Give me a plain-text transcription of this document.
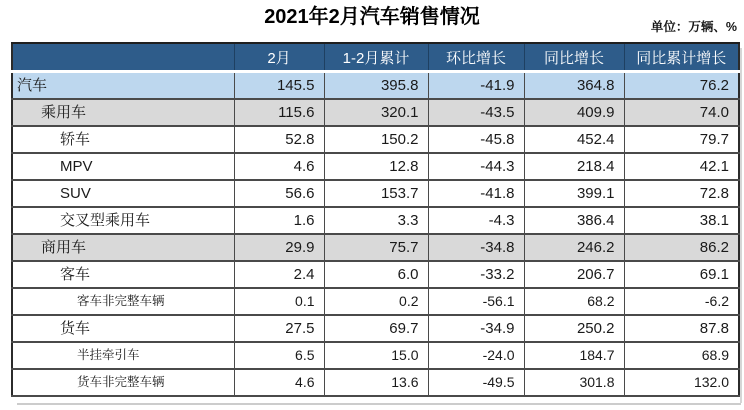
2021年2月汽车销售情况	单位：万辆、%
	2月	1-2月累计	环比增长	同比增长	同比累计增长
汽车	145.5	395.8	-41.9	364.8	76.2
乘用车	115.6	320.1	-43.5	409.9	74.0
轿车	52.8	150.2	-45.8	452.4	79.7
MPV	4.6	12.8	-44.3	218.4	42.1
SUV	56.6	153.7	-41.8	399.1	72.8
交叉型乘用车	1.6	3.3	-4.3	386.4	38.1
商用车	29.9	75.7	-34.8	246.2	86.2
客车	2.4	6.0	-33.2	206.7	69.1
客车非完整车辆	0.1	0.2	-56.1	68.2	-6.2
货车	27.5	69.7	-34.9	250.2	87.8
半挂牵引车	6.5	15.0	-24.0	184.7	68.9
货车非完整车辆	4.6	13.6	-49.5	301.8	132.0
